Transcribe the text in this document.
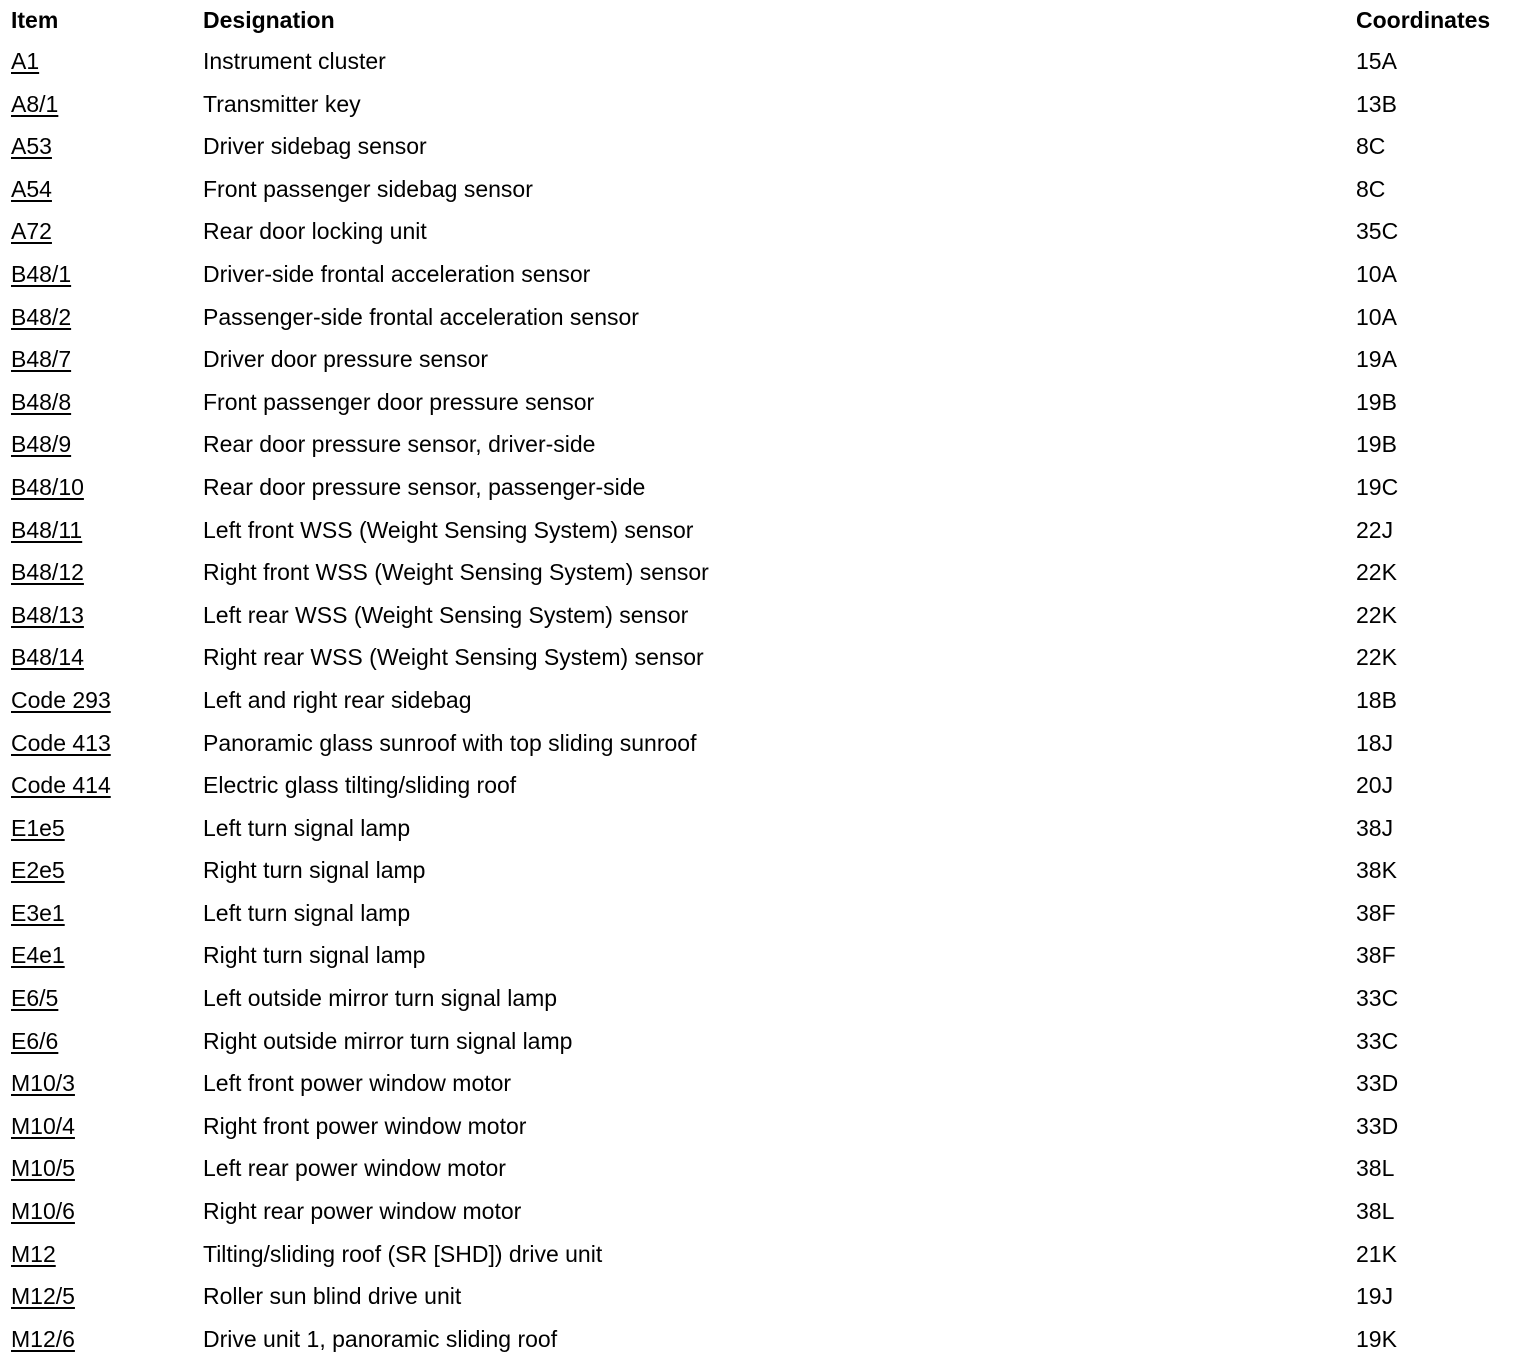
Item	Designation	Coordinates
A1	Instrument cluster	15A
A8/1	Transmitter key	13B
A53	Driver sidebag sensor	8C
A54	Front passenger sidebag sensor	8C
A72	Rear door locking unit	35C
B48/1	Driver-side frontal acceleration sensor	10A
B48/2	Passenger-side frontal acceleration sensor	10A
B48/7	Driver door pressure sensor	19A
B48/8	Front passenger door pressure sensor	19B
B48/9	Rear door pressure sensor, driver-side	19B
B48/10	Rear door pressure sensor, passenger-side	19C
B48/11	Left front WSS (Weight Sensing System) sensor	22J
B48/12	Right front WSS (Weight Sensing System) sensor	22K
B48/13	Left rear WSS (Weight Sensing System) sensor	22K
B48/14	Right rear WSS (Weight Sensing System) sensor	22K
Code 293	Left and right rear sidebag	18B
Code 413	Panoramic glass sunroof with top sliding sunroof	18J
Code 414	Electric glass tilting/sliding roof	20J
E1e5	Left turn signal lamp	38J
E2e5	Right turn signal lamp	38K
E3e1	Left turn signal lamp	38F
E4e1	Right turn signal lamp	38F
E6/5	Left outside mirror turn signal lamp	33C
E6/6	Right outside mirror turn signal lamp	33C
M10/3	Left front power window motor	33D
M10/4	Right front power window motor	33D
M10/5	Left rear power window motor	38L
M10/6	Right rear power window motor	38L
M12	Tilting/sliding roof (SR [SHD]) drive unit	21K
M12/5	Roller sun blind drive unit	19J
M12/6	Drive unit 1, panoramic sliding roof	19K
